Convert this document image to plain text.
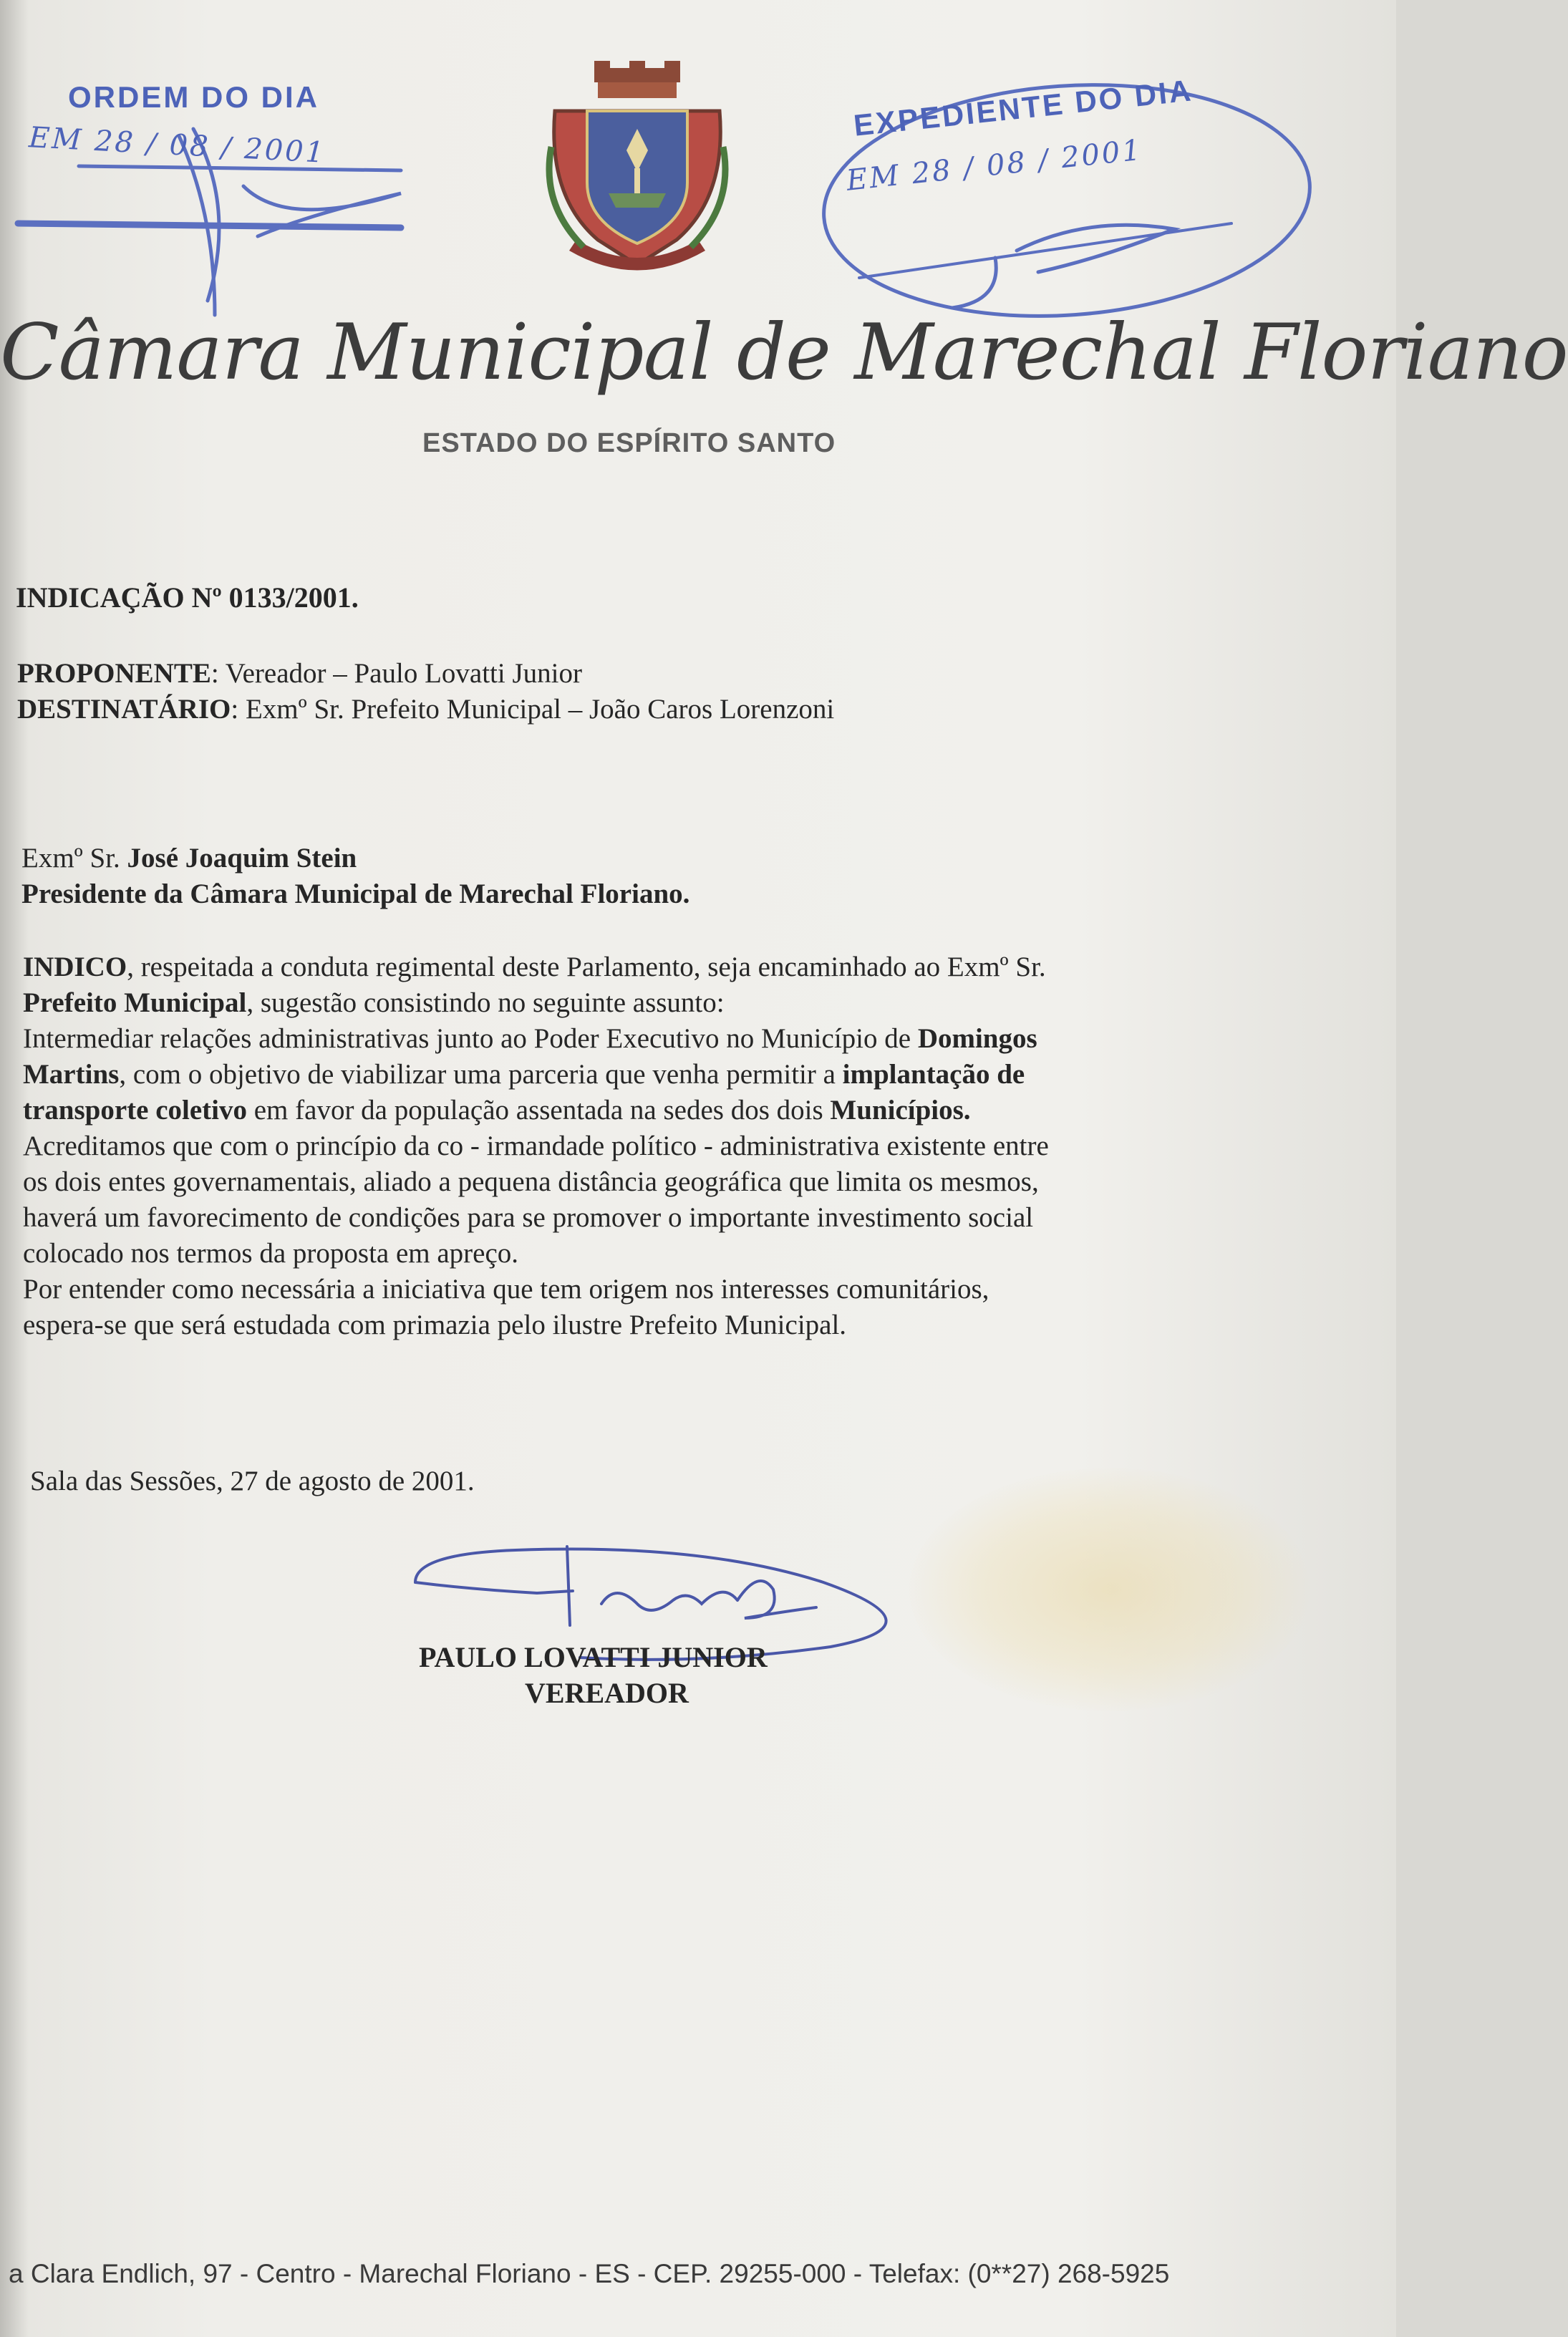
ORDEM DO DIA
EM 28 / 08 / 2001
EXPEDIENTE DO DIA
EM 28 / 08 / 2001
Câmara Municipal de Marechal Floriano
ESTADO DO ESPÍRITO SANTO
INDICAÇÃO Nº 0133/2001.
PROPONENTE: Vereador – Paulo Lovatti Junior
DESTINATÁRIO: Exmº Sr. Prefeito Municipal – João Caros Lorenzoni
Exmº Sr. José Joaquim Stein
Presidente da Câmara Municipal de Marechal Floriano.
INDICO, respeitada a conduta regimental deste Parlamento, seja encaminhado ao Exmº Sr.
Prefeito Municipal, sugestão consistindo no seguinte assunto:
Intermediar relações administrativas junto ao Poder Executivo no Município de Domingos
Martins, com o objetivo de viabilizar uma parceria que venha permitir a implantação de
transporte coletivo em favor da população assentada na sedes dos dois Municípios.
Acreditamos que com o princípio da co - irmandade político - administrativa existente entre
os dois entes governamentais, aliado a pequena distância geográfica que limita os mesmos,
haverá um favorecimento de condições para se promover o importante investimento social
colocado nos termos da proposta em apreço.
Por entender como necessária a iniciativa que tem origem nos interesses comunitários,
espera-se que será estudada com primazia pelo ilustre Prefeito Municipal.
Sala das Sessões, 27 de agosto de 2001.
PAULO LOVATTI JUNIOR
VEREADOR
a Clara Endlich, 97 - Centro - Marechal Floriano - ES - CEP. 29255-000 - Telefax: (0**27) 268-5925
